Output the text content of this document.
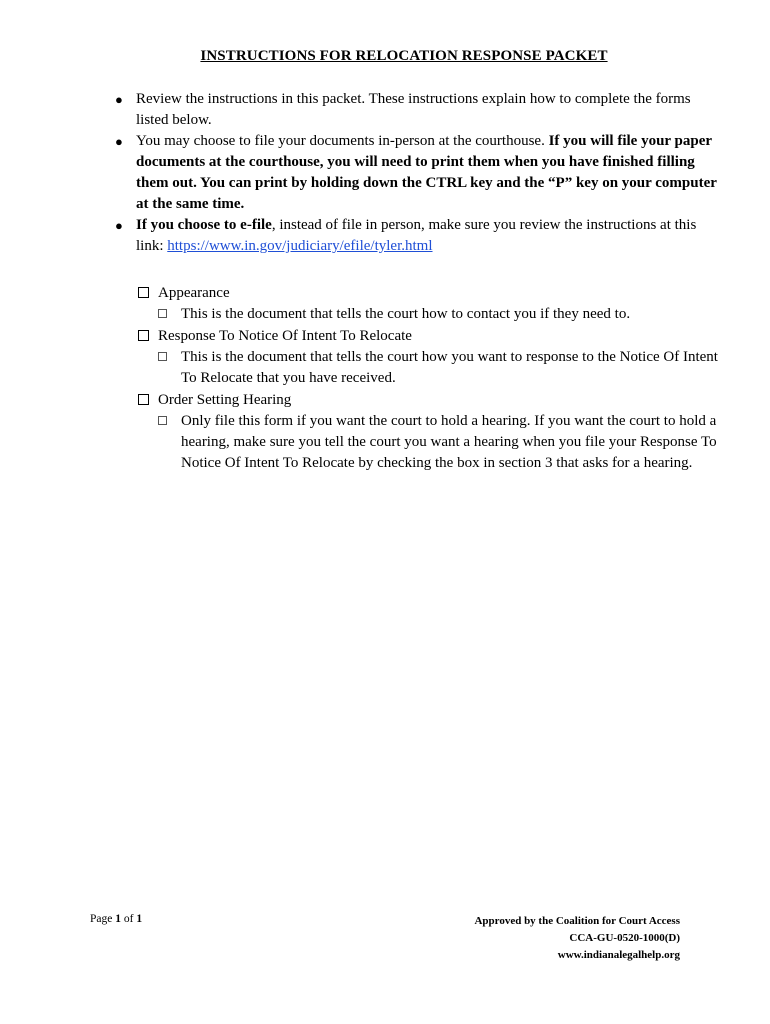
INSTRUCTIONS FOR RELOCATION RESPONSE PACKET
● Review the instructions in this packet. These instructions explain how to complete the forms listed below.
● You may choose to file your documents in-person at the courthouse. If you will file your paper documents at the courthouse, you will need to print them when you have finished filling them out. You can print by holding down the CTRL key and the “P” key on your computer at the same time.
● If you choose to e-file, instead of file in person, make sure you review the instructions at this link: https://www.in.gov/judiciary/efile/tyler.html
Appearance
This is the document that tells the court how to contact you if they need to.
Response To Notice Of Intent To Relocate
This is the document that tells the court how you want to response to the Notice Of Intent To Relocate that you have received.
Order Setting Hearing
Only file this form if you want the court to hold a hearing. If you want the court to hold a hearing, make sure you tell the court you want a hearing when you file your Response To Notice Of Intent To Relocate by checking the box in section 3 that asks for a hearing.
Page 1 of 1	Approved by the Coalition for Court Access
CCA-GU-0520-1000(D)
www.indianalegalhelp.org
